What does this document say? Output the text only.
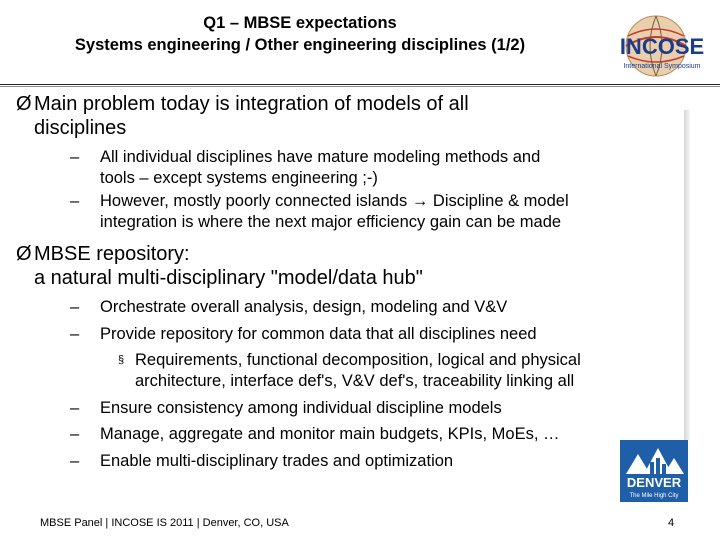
Q1 – MBSE expectations
Systems engineering / Other engineering disciplines (1/2)	INCOSE
International Symposium
Ø Main problem today is integration of models of all
disciplines
– All individual disciplines have mature modeling methods and
tools – except systems engineering ;-)
– However, mostly poorly connected islands → Discipline & model
integration is where the next major efficiency gain can be made
Ø MBSE repository:
a natural multi-disciplinary "model/data hub"
– Orchestrate overall analysis, design, modeling and V&V
– Provide repository for common data that all disciplines need
§ Requirements, functional decomposition, logical and physical
architecture, interface def's, V&V def's, traceability linking all
– Ensure consistency among individual discipline models
– Manage, aggregate and monitor main budgets, KPIs, MoEs, …
– Enable multi-disciplinary trades and optimization
DENVER
The Mile High City
MBSE Panel | INCOSE IS 2011 | Denver, CO, USA	4
